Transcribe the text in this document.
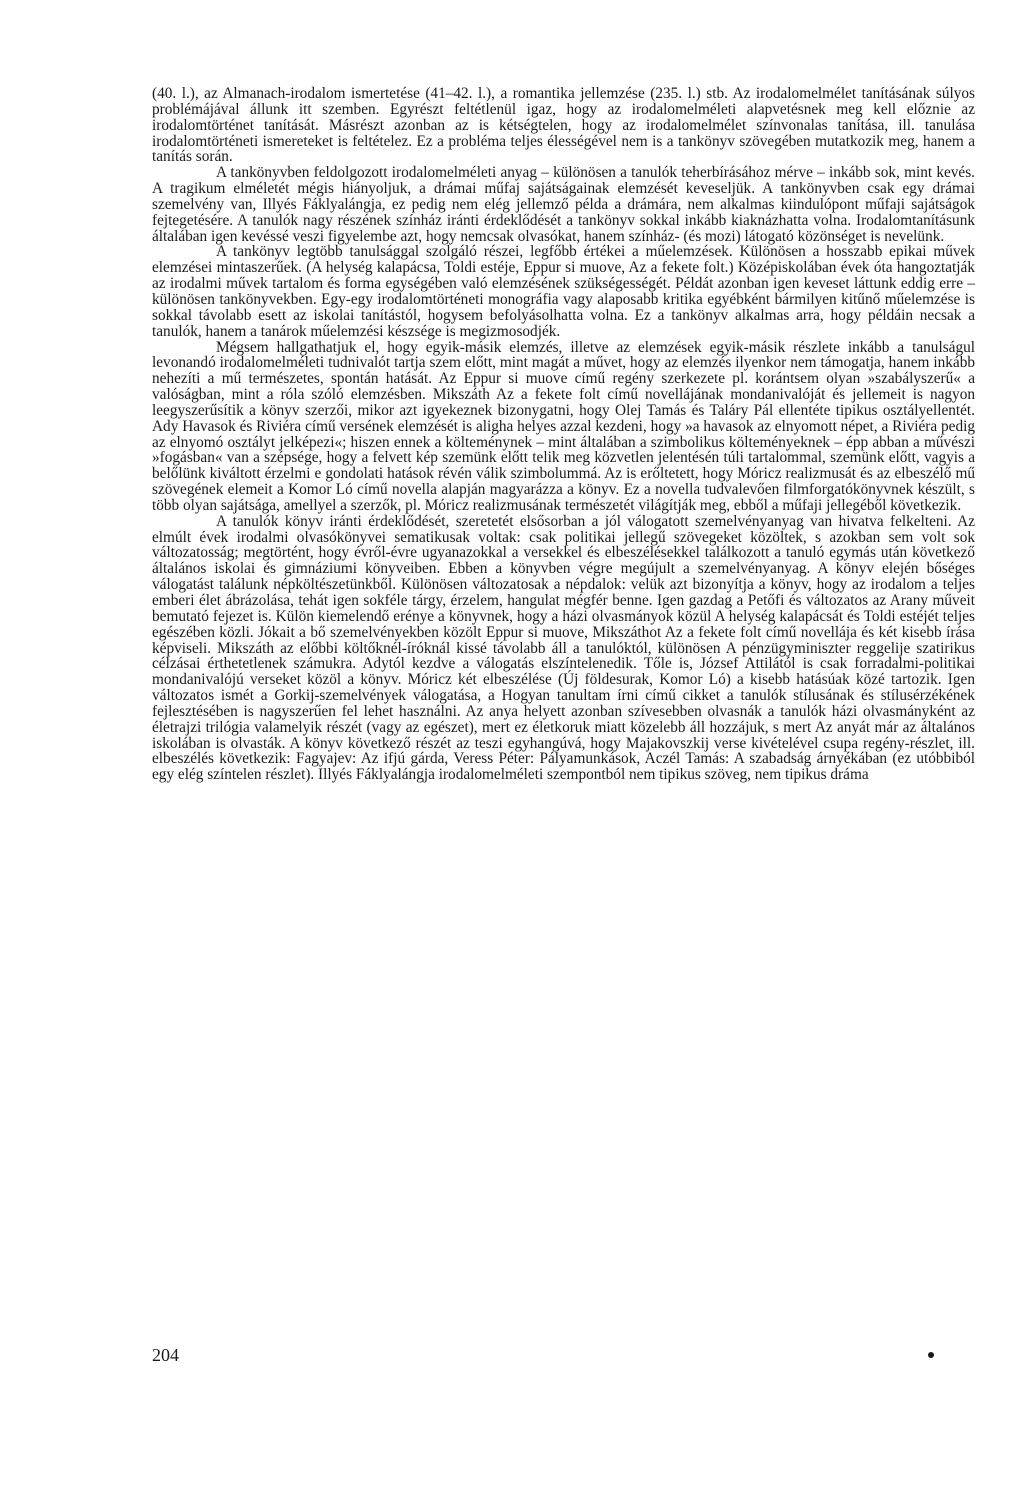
(40. l.), az Almanach-irodalom ismertetése (41–42. l.), a romantika jellemzése (235. l.) stb. Az irodalomelmélet tanításának súlyos problémájával állunk itt szemben. Egyrészt feltétlenül igaz, hogy az irodalomelméleti alapvetésnek meg kell előznie az irodalomtörténet tanítását. Másrészt azonban az is kétségtelen, hogy az irodalomelmélet színvonalas tanítása, ill. tanulása irodalomtörténeti ismereteket is feltételez. Ez a probléma teljes élességével nem is a tankönyv szövegében mutatkozik meg, hanem a tanítás során.

A tankönyvben feldolgozott irodalomelméleti anyag – különösen a tanulók teherbírásához mérve – inkább sok, mint kevés. A tragikum elméletét mégis hiányoljuk, a drámai műfaj sajátságainak elemzését keveseljük. A tankönyvben csak egy drámai szemelvény van, Illyés Fáklyalángja, ez pedig nem elég jellemző példa a drámára, nem alkalmas kiindulópont műfaji sajátságok fejtegetésére. A tanulók nagy részének színház iránti érdeklődését a tankönyv sokkal inkább kiaknázhatta volna. Irodalomtanításunk általában igen kevéssé veszi figyelembe azt, hogy nemcsak olvasókat, hanem színház- (és mozi) látogató közönséget is nevelünk.

A tankönyv legtöbb tanulsággal szolgáló részei, legfőbb értékei a műelemzések. Különösen a hosszabb epikai művek elemzései mintaszerűek. (A helység kalapácsa, Toldi estéje, Eppur si muove, Az a fekete folt.) Középiskolában évek óta hangoztatják az irodalmi művek tartalom és forma egységében való elemzésének szükségességét. Példát azonban igen keveset láttunk eddig erre – különösen tankönyvekben. Egy-egy irodalomtörténeti monográfia vagy alaposabb kritika egyébként bármilyen kitűnő műelemzése is sokkal távolabb esett az iskolai tanítástól, hogysem befolyásolhatta volna. Ez a tankönyv alkalmas arra, hogy példáin necsak a tanulók, hanem a tanárok műelemzési készsége is megizmosodjék.

Mégsem hallgathatjuk el, hogy egyik-másik elemzés, illetve az elemzések egyik-másik részlete inkább a tanulságul levonandó irodalomelméleti tudnivalót tartja szem előtt, mint magát a művet, hogy az elemzés ilyenkor nem támogatja, hanem inkább nehezíti a mű természetes, spontán hatását. Az Eppur si muove című regény szerkezete pl. korántsem olyan »szabályszerű« a valóságban, mint a róla szóló elemzésben. Mikszáth Az a fekete folt című novellájának mondanivalóját és jellemeit is nagyon leegyszerűsítik a könyv szerzői, mikor azt igyekeznek bizonygatni, hogy Olej Tamás és Taláry Pál ellentéte tipikus osztályellentét. Ady Havasok és Riviéra című versének elemzését is aligha helyes azzal kezdeni, hogy »a havasok az elnyomott népet, a Riviéra pedig az elnyomó osztályt jelképezi«; hiszen ennek a költeménynek – mint általában a szimbolikus költeményeknek – épp abban a művészi »fogásban« van a szépsége, hogy a felvett kép szemünk előtt telik meg közvetlen jelentésén túli tartalommal, szemünk előtt, vagyis a belőlünk kiváltott érzelmi e gondolati hatások révén válik szimbolummá. Az is erőltetett, hogy Móricz realizmusát és az elbeszélő mű szövegének elemeit a Komor Ló című novella alapján magyarázza a könyv. Ez a novella tudvalevően filmforgatókönyvnek készült, s több olyan sajátsága, amellyel a szerzők, pl. Móricz realizmusának természetét világítják meg, ebből a műfaji jellegéből következik.

A tanulók könyv iránti érdeklődését, szeretetét elsősorban a jól válogatott szemelvényanyag van hivatva felkelteni. Az elmúlt évek irodalmi olvasókönyvei sematikusak voltak: csak politikai jellegű szövegeket közöltek, s azokban sem volt sok változatosság; megtörtént, hogy évről-évre ugyanazokkal a versekkel és elbeszélésekkel találkozott a tanuló egymás után következő általános iskolai és gimnáziumi könyveiben. Ebben a könyvben végre megújult a szemelvényanyag. A könyv elején bőséges válogatást találunk népköltészetünkből. Különösen változatosak a népdalok: velük azt bizonyítja a könyv, hogy az irodalom a teljes emberi élet ábrázolása, tehát igen sokféle tárgy, érzelem, hangulat mégfér benne. Igen gazdag a Petőfi és változatos az Arany műveit bemutató fejezet is. Külön kiemelendő erénye a könyvnek, hogy a házi olvasmányok közül A helység kalapácsát és Toldi estéjét teljes egészében közli. Jókait a bő szemelvényekben közölt Eppur si muove, Mikszáthot Az a fekete folt című novellája és két kisebb írása képviseli. Mikszáth az előbbi költőknél-íróknál kissé távolabb áll a tanulóktól, különösen A pénzügyminiszter reggelije szatirikus célzásai érthetetlenek számukra. Adytól kezdve a válogatás elszíntelenedik. Tőle is, József Attilától is csak forradalmi-politikai mondanivalójú verseket közöl a könyv. Móricz két elbeszélése (Új földesurak, Komor Ló) a kisebb hatásúak közé tartozik. Igen változatos ismét a Gorkij-szemelvények válogatása, a Hogyan tanultam írni című cikket a tanulók stílusának és stílusérzékének fejlesztésében is nagyszerűen fel lehet használni. Az anya helyett azonban szívesebben olvasnák a tanulók házi olvasmányként az életrajzi trilógia valamelyik részét (vagy az egészet), mert ez életkoruk miatt közelebb áll hozzájuk, s mert Az anyát már az általános iskolában is olvasták. A könyv következő részét az teszi egyhangúvá, hogy Majakovszkij verse kivételével csupa regény-részlet, ill. elbeszélés következik: Fagyajev: Az ifjú gárda, Veress Péter: Pályamunkások, Aczél Tamás: A szabadság árnyékában (ez utóbbiból egy elég színtelen részlet). Illyés Fáklyalángja irodalomelméleti szempontból nem tipikus szöveg, nem tipikus dráma

204
